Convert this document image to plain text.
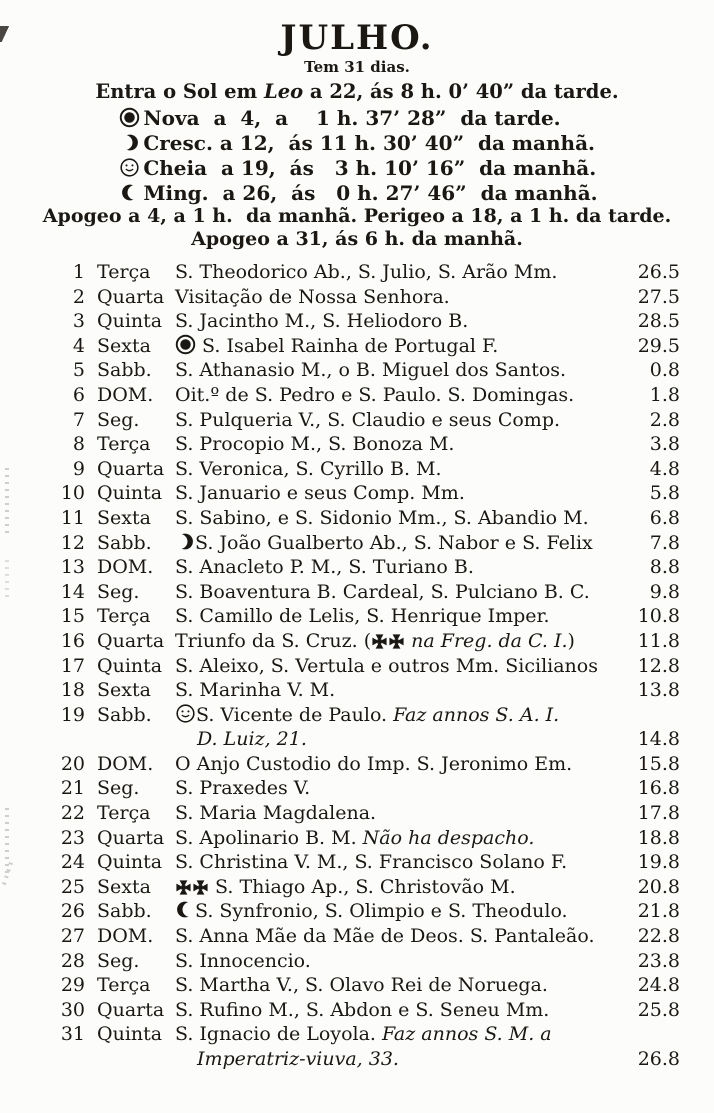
JULHO.
Tem 31 dias.
Entra o Sol em Leo a 22, ás 8 h. 0’ 40” da tarde.
Nova  a  4,  a    1 h. 37’ 28”  da tarde.
Cresc. a 12,  ás 11 h. 30’ 40”  da manhã.
Cheia  a 19,  ás   3 h. 10’ 16”  da manhã.
Ming.  a 26,  ás   0 h. 27’ 46”  da manhã.
Apogeo a 4, a 1 h.  da manhã. Perigeo a 18, a 1 h. da tarde.
Apogeo a 31, ás 6 h. da manhã.
1 Terça	S. Theodorico Ab., S. Julio, S. Arão Mm.	26.5
2 Quarta Visitação de Nossa Senhora.	27.5
3 Quinta S. Jacintho M., S. Heliodoro B.	28.5
4 Sexta	S. Isabel Rainha de Portugal F.	29.5
5 Sabb.	S. Athanasio M., o B. Miguel dos Santos.	0.8
6 DOM.	Oit.º de S. Pedro e S. Paulo. S. Domingas.	1.8
7 Seg.	S. Pulqueria V., S. Claudio e seus Comp.	2.8
8 Terça	S. Procopio M., S. Bonoza M.	3.8
9 Quarta S. Veronica, S. Cyrillo B. M.	4.8
10 Quinta S. Januario e seus Comp. Mm.	5.8
11 Sexta	S. Sabino, e S. Sidonio Mm., S. Abandio M.	6.8
12 Sabb.	S. João Gualberto Ab., S. Nabor e S. Felix	7.8
13 DOM.	S. Anacleto P. M., S. Turiano B.	8.8
14 Seg.	S. Boaventura B. Cardeal, S. Pulciano B. C.	9.8
15 Terça	S. Camillo de Lelis, S. Henrique Imper.	10.8
16 Quarta Triunfo da S. Cruz. ( na Freg. da C. I.)	11.8
17 Quinta S. Aleixo, S. Vertula e outros Mm. Sicilianos	12.8
18 Sexta	S. Marinha V. M.	13.8
19 Sabb.	S. Vicente de Paulo. Faz annos S. A. I.
D. Luiz, 21.	14.8
20 DOM.	O Anjo Custodio do Imp. S. Jeronimo Em.	15.8
21 Seg.	S. Praxedes V.	16.8
22 Terça	S. Maria Magdalena.	17.8
23 Quarta S. Apolinario B. M. Não ha despacho.	18.8
24 Quinta S. Christina V. M., S. Francisco Solano F.	19.8
25 Sexta	S. Thiago Ap., S. Christovão M.	20.8
26 Sabb.	S. Synfronio, S. Olimpio e S. Theodulo.	21.8
27 DOM.	S. Anna Mãe da Mãe de Deos. S. Pantaleão.	22.8
28 Seg.	S. Innocencio.	23.8
29 Terça	S. Martha V., S. Olavo Rei de Noruega.	24.8
30 Quarta S. Rufino M., S. Abdon e S. Seneu Mm.	25.8
31 Quinta S. Ignacio de Loyola. Faz annos S. M. a
Imperatriz-viuva, 33.	26.8
